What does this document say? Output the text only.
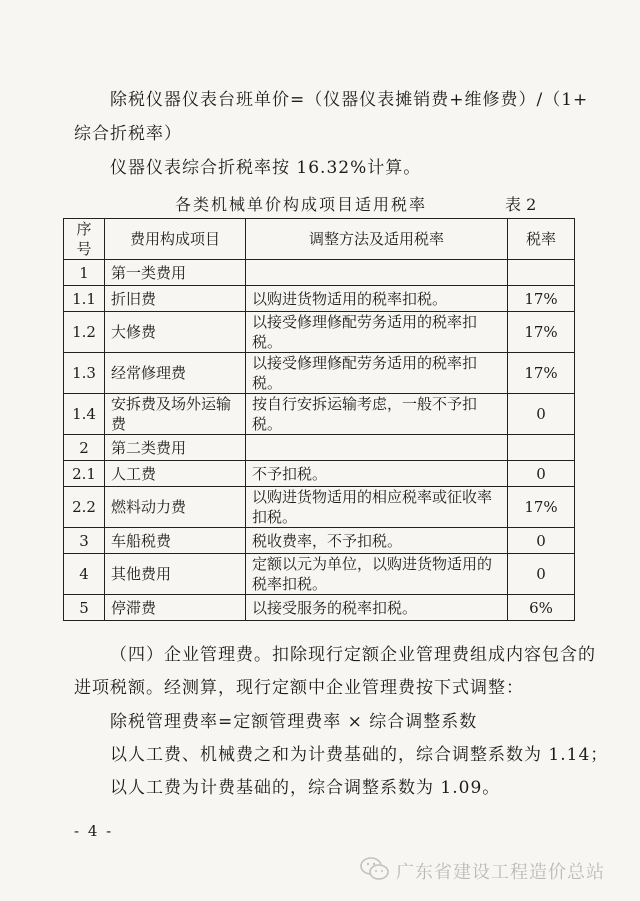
除税仪器仪表台班单价=（仪器仪表摊销费+维修费）/（1+
综合折税率）
仪器仪表综合折税率按 16.32%计算。
各类机械单价构成项目适用税率	表 2
序号	费用构成项目	调整方法及适用税率	税率
1	第一类费用		
1.1	折旧费	以购进货物适用的税率扣税。	17%
1.2	大修费	以接受修理修配劳务适用的税率扣税。	17%
1.3	经常修理费	以接受修理修配劳务适用的税率扣税。	17%
1.4	安拆费及场外运输费	按自行安拆运输考虑，一般不予扣税。	0
2	第二类费用		
2.1	人工费	不予扣税。	0
2.2	燃料动力费	以购进货物适用的相应税率或征收率扣税。	17%
3	车船税费	税收费率，不予扣税。	0
4	其他费用	定额以元为单位，以购进货物适用的税率扣税。	0
5	停滞费	以接受服务的税率扣税。	6%
（四）企业管理费。扣除现行定额企业管理费组成内容包含的
进项税额。经测算，现行定额中企业管理费按下式调整：
除税管理费率=定额管理费率 × 综合调整系数
以人工费、机械费之和为计费基础的，综合调整系数为 1.14；
以人工费为计费基础的，综合调整系数为 1.09。
- 4 -
广东省建设工程造价总站
